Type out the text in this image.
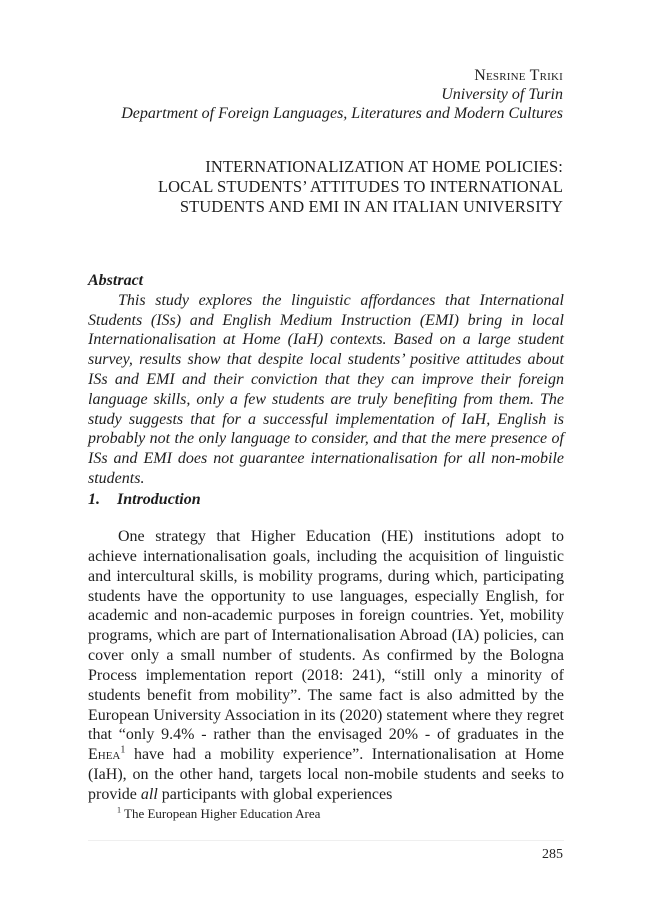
Nesrine Triki
University of Turin
Department of Foreign Languages, Literatures and Modern Cultures
INTERNATIONALIZATION AT HOME POLICIES:
LOCAL STUDENTS’ ATTITUDES TO INTERNATIONAL
STUDENTS AND EMI IN AN ITALIAN UNIVERSITY
Abstract
This study explores the linguistic affordances that International Students (ISs) and English Medium Instruction (EMI) bring in local Internationalisation at Home (IaH) contexts. Based on a large student survey, results show that despite local students’ positive attitudes about ISs and EMI and their conviction that they can improve their foreign language skills, only a few students are truly benefiting from them. The study suggests that for a successful implementation of IaH, English is probably not the only language to consider, and that the mere presence of ISs and EMI does not guarantee internationalisation for all non-mobile students.
1. Introduction

One strategy that Higher Education (HE) institutions adopt to achieve internationalisation goals, including the acquisition of linguistic and intercultural skills, is mobility programs, during which, participating students have the opportunity to use languages, especially English, for academic and non-academic purposes in foreign countries. Yet, mobility programs, which are part of Internationalisation Abroad (IA) policies, can cover only a small number of students. As confirmed by the Bologna Process implementation report (2018: 241), “still only a minority of students benefit from mobility”. The same fact is also admitted by the European University Association in its (2020) statement where they regret that “only 9.4% - rather than the envisaged 20% - of graduates in the Ehea$^1$ have had a mobility experience”. Internationalisation at Home (IaH), on the other hand, targets local non-mobile students and seeks to provide all participants with global experiences

$^1$ The European Higher Education Area
285
